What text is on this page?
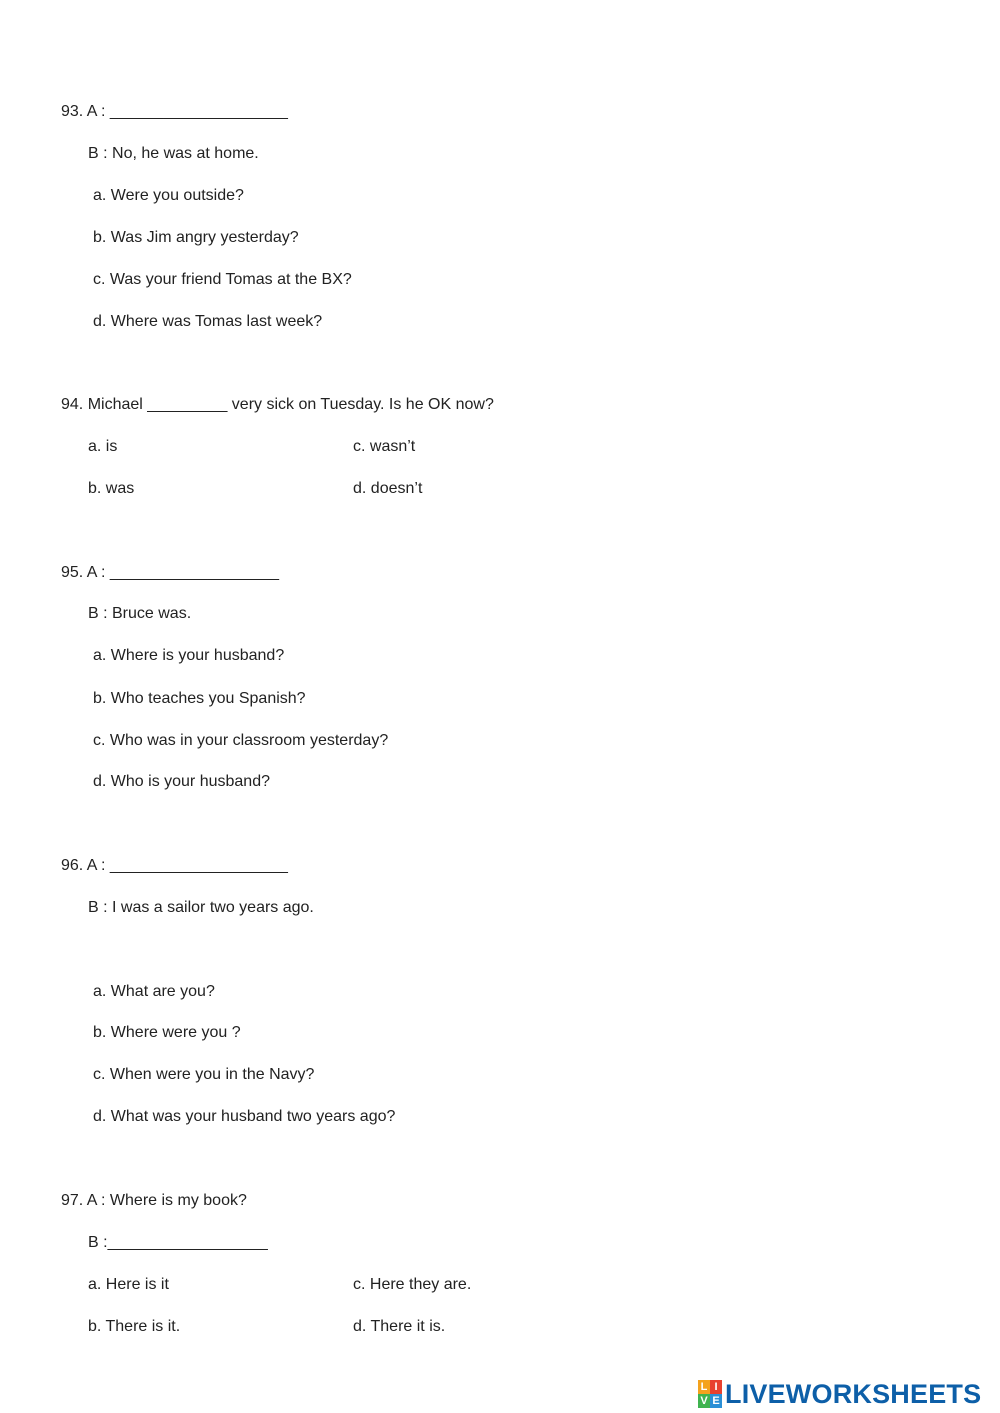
93. A : ____________________
B : No, he was at home.
a. Were you outside?
b. Was Jim angry yesterday?
c. Was your friend Tomas at the BX?
d. Where was Tomas last week?
94. Michael _________ very sick on Tuesday. Is he OK now?
a. is	c. wasn’t
b. was	d. doesn’t
95. A : ___________________
B : Bruce was.
a. Where is your husband?
b. Who teaches you Spanish?
c. Who was in your classroom yesterday?
d. Who is your husband?
96. A : ____________________
B : I was a sailor two years ago.
a. What are you?
b. Where were you ?
c. When were you in the Navy?
d. What was your husband two years ago?
97. A : Where is my book?
B :__________________
a. Here is it	c. Here they are.
b. There is it.	d. There it is.
L I
V E LIVEWORKSHEETS
